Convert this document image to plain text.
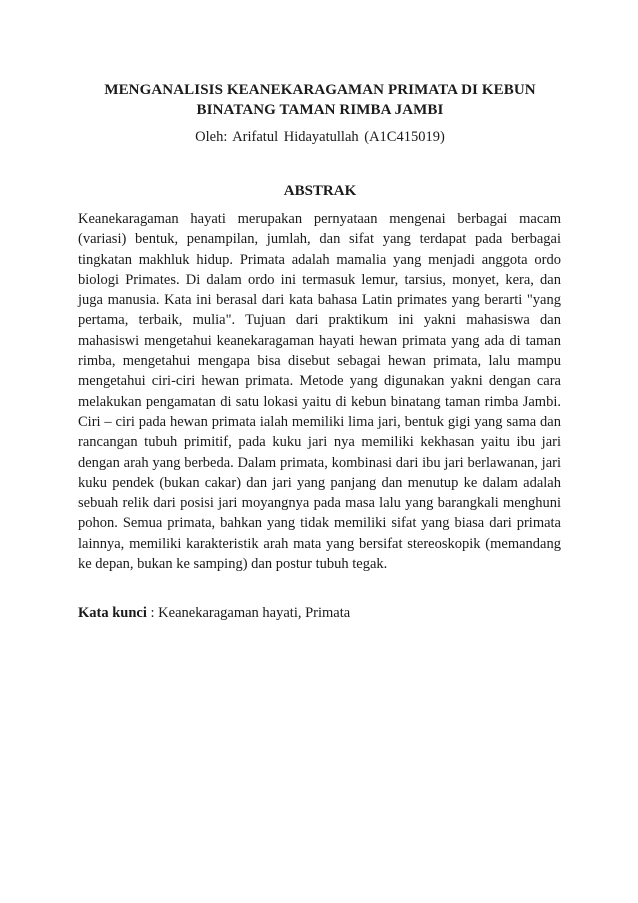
MENGANALISIS KEANEKARAGAMAN PRIMATA DI KEBUN BINATANG TAMAN RIMBA JAMBI
Oleh: Arifatul Hidayatullah (A1C415019)
ABSTRAK

Keanekaragaman hayati merupakan pernyataan mengenai berbagai macam (variasi) bentuk, penampilan, jumlah, dan sifat yang terdapat pada berbagai tingkatan makhluk hidup. Primata adalah mamalia yang menjadi anggota ordo biologi Primates. Di dalam ordo ini termasuk lemur, tarsius, monyet, kera, dan juga manusia. Kata ini berasal dari kata bahasa Latin primates yang berarti "yang pertama, terbaik, mulia". Tujuan dari praktikum ini yakni mahasiswa dan mahasiswi mengetahui keanekaragaman hayati hewan primata yang ada di taman rimba, mengetahui mengapa bisa disebut sebagai hewan primata, lalu mampu mengetahui ciri-ciri hewan primata. Metode yang digunakan yakni dengan cara melakukan pengamatan di satu lokasi yaitu di kebun binatang taman rimba Jambi. Ciri – ciri pada hewan primata ialah memiliki lima jari, bentuk gigi yang sama dan rancangan tubuh primitif, pada kuku jari nya memiliki kekhasan yaitu ibu jari dengan arah yang berbeda. Dalam primata, kombinasi dari ibu jari berlawanan, jari kuku pendek (bukan cakar) dan jari yang panjang dan menutup ke dalam adalah sebuah relik dari posisi jari moyangnya pada masa lalu yang barangkali menghuni pohon. Semua primata, bahkan yang tidak memiliki sifat yang biasa dari primata lainnya, memiliki karakteristik arah mata yang bersifat stereoskopik (memandang ke depan, bukan ke samping) dan postur tubuh tegak.

Kata kunci : Keanekaragaman hayati, Primata
